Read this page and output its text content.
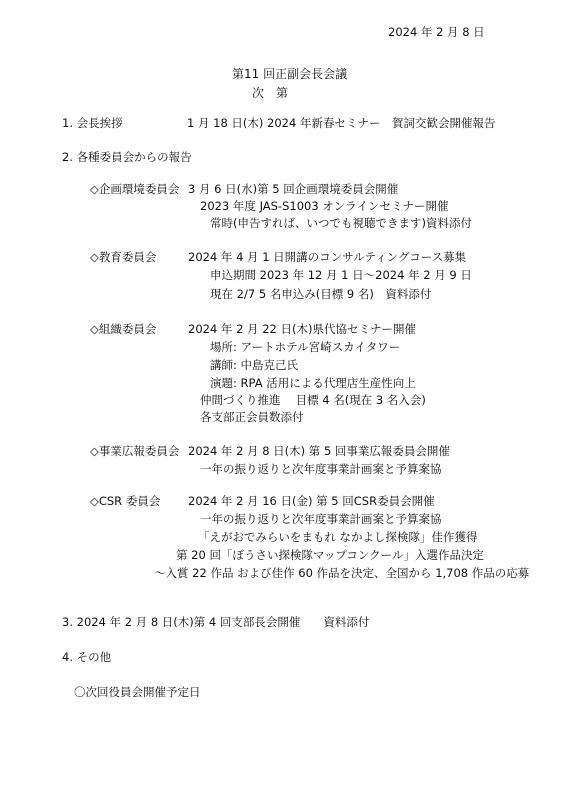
2024 年 2 月 8 日
第11 回正副会長会議
次　第
1. 会長挨拶	1 月 18 日(木) 2024 年新春セミナー　賀詞交歓会開催報告
2. 各種委員会からの報告
◇企画環境委員会 3 月 6 日(水)第 5 回企画環境委員会開催
2023 年度 JAS-S1003 オンラインセミナー開催
常時(申告すれば、いつでも視聴できます)資料添付
◇教育委員会	2024 年 4 月 1 日開講のコンサルティングコース募集
申込期間 2023 年 12 月 1 日～2024 年 2 月 9 日
現在 2/7 5 名申込み(目標 9 名)　資料添付
◇組織委員会	2024 年 2 月 22 日(木)県代協セミナー開催
場所: アートホテル宮崎スカイタワー
講師: 中島克己氏
演題: RPA 活用による代理店生産性向上
仲間づくり推進　 目標 4 名(現在 3 名入会)
各支部正会員数添付
◇事業広報委員会 2024 年 2 月 8 日(木) 第 5 回事業広報委員会開催
一年の振り返りと次年度事業計画案と予算案協
◇CSR 委員会 2024 年 2 月 16 日(金) 第 5 回CSR委員会開催
一年の振り返りと次年度事業計画案と予算案協
「えがおでみらいをまもれ なかよし探検隊」佳作獲得
第 20 回「ぼうさい探検隊マップコンクール」入選作品決定
～入賞 22 作品 および佳作 60 作品を決定、全国から 1,708 作品の応募
3. 2024 年 2 月 8 日(木)第 4 回支部長会開催　　資料添付
4. その他
〇次回役員会開催予定日
